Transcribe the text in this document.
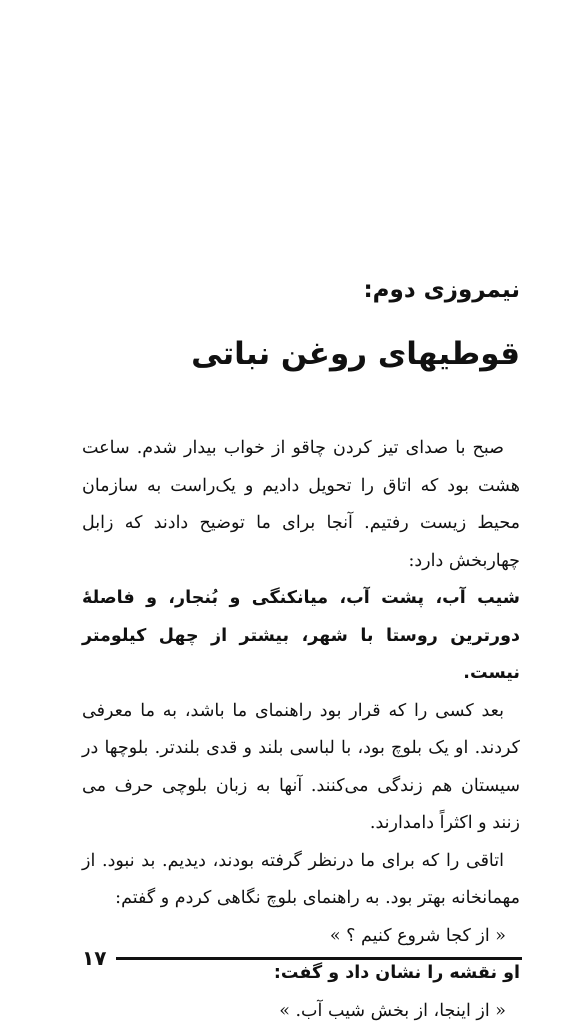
نیمروزی دوم:
قوطیهای روغن نباتی

صبح با صدای تیز کردن چاقو از خواب بیدار شدم. ساعت هشت بود که اتاق را تحویل دادیم و یک‌راست به سازمان محیط زیست رفتیم. آنجا برای ما توضیح دادند که زابل چهاربخش دارد:

شیب آب، پشت آب، میانکنگی و بُنجار، و فاصلهٔ دورترین روستا با شهر، بیشتر از چهل کیلومتر نیست.

بعد کسی را که قرار بود راهنمای ما باشد، به ما معرفی کردند. او یک بلوچ بود، با لباسی بلند و قدی بلندتر. بلوچها در سیستان هم زندگی می‌کنند. آنها به زبان بلوچی حرف می زنند و اکثراً دامدارند.

اتاقی را که برای ما درنظر گرفته بودند، دیدیم. بد نبود. از مهمانخانه بهتر بود. به راهنمای بلوچ نگاهی کردم و گفتم:

« از کجا شروع کنیم ؟ »

او نقشه را نشان داد و گفت:

« از اینجا، از بخش شیب آب. »

۱۷
